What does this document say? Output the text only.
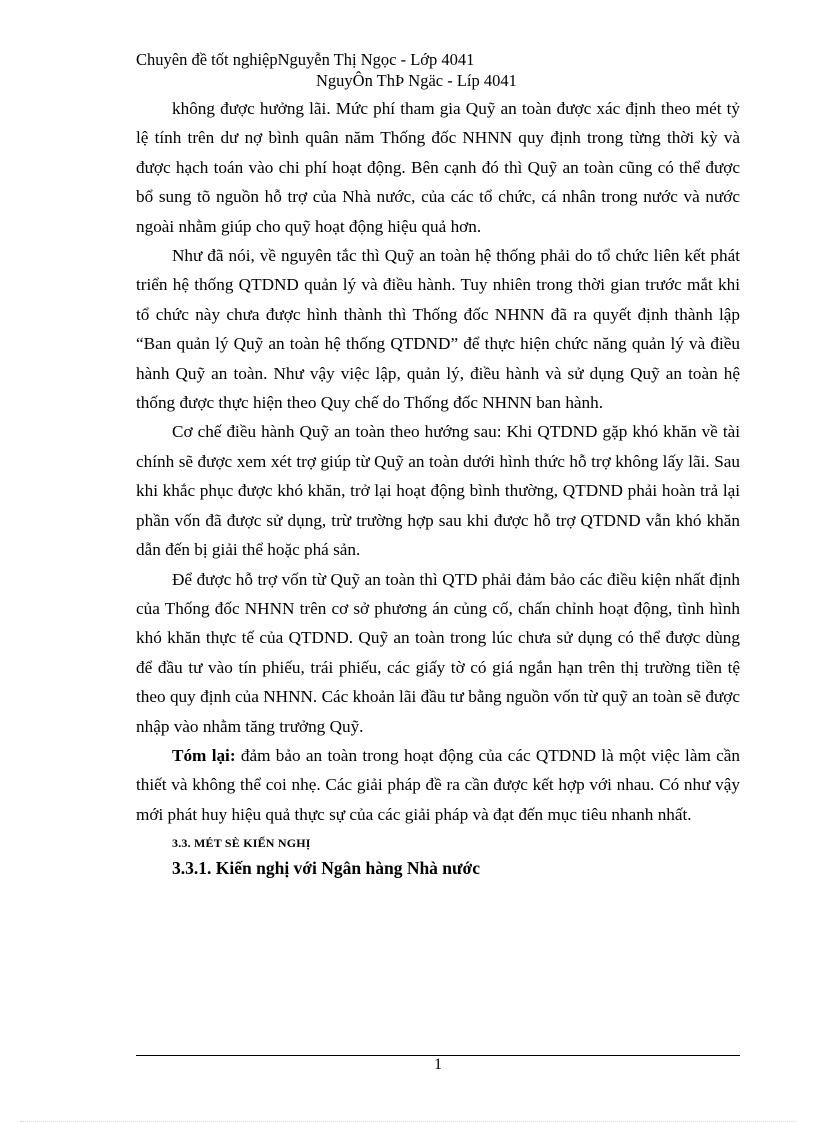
Chuyên đề tốt nghiệpNguyễn Thị Ngọc - Lớp 4041
NguyÔn ThÞ Ngäc - Líp 4041

không được hưởng lãi. Mức phí tham gia Quỹ an toàn được xác định theo mét tỷ lệ tính trên dư nợ bình quân năm Thống đốc NHNN quy định trong từng thời kỳ và được hạch toán vào chi phí hoạt động. Bên cạnh đó thì Quỹ an toàn cũng có thể được bổ sung tõ nguồn hỗ trợ của Nhà nước, của các tổ chức, cá nhân trong nước và nước ngoài nhằm giúp cho quỹ hoạt động hiệu quả hơn.

Như đã nói, về nguyên tắc thì Quỹ an toàn hệ thống phải do tổ chức liên kết phát triển hệ thống QTDND quản lý và điều hành. Tuy nhiên trong thời gian trước mắt khi tổ chức này chưa được hình thành thì Thống đốc NHNN đã ra quyết định thành lập “Ban quản lý Quỹ an toàn hệ thống QTDND” để thực hiện chức năng quản lý và điều hành Quỹ an toàn. Như vậy việc lập, quản lý, điều hành và sử dụng Quỹ an toàn hệ thống được thực hiện theo Quy chế do Thống đốc NHNN ban hành.

Cơ chế điều hành Quỹ an toàn theo hướng sau: Khi QTDND gặp khó khăn về tài chính sẽ được xem xét trợ giúp từ Quỹ an toàn dưới hình thức hỗ trợ không lấy lãi. Sau khi khắc phục được khó khăn, trở lại hoạt động bình thường, QTDND phải hoàn trả lại phần vốn đã được sử dụng, trừ trường hợp sau khi được hỗ trợ QTDND vẫn khó khăn dẫn đến bị giải thể hoặc phá sản.

Để được hỗ trợ vốn từ Quỹ an toàn thì QTD phải đảm bảo các điều kiện nhất định của Thống đốc NHNN trên cơ sở phương án củng cố, chấn chỉnh hoạt động, tình hình khó khăn thực tế của QTDND. Quỹ an toàn trong lúc chưa sử dụng có thể được dùng để đầu tư vào tín phiếu, trái phiếu, các giấy tờ có giá ngắn hạn trên thị trường tiền tệ theo quy định của NHNN. Các khoản lãi đầu tư bằng nguồn vốn từ quỹ an toàn sẽ được nhập vào nhằm tăng trưởng Quỹ.

Tóm lại: đảm bảo an toàn trong hoạt động của các QTDND là một việc làm cần thiết và không thể coi nhẹ. Các giải pháp đề ra cần được kết hợp với nhau. Có như vậy mới phát huy hiệu quả thực sự của các giải pháp và đạt đến mục tiêu nhanh nhất.

3.3. MÉT SÈ KIẾN NGHỊ
3.3.1. Kiến nghị với Ngân hàng Nhà nước
1
